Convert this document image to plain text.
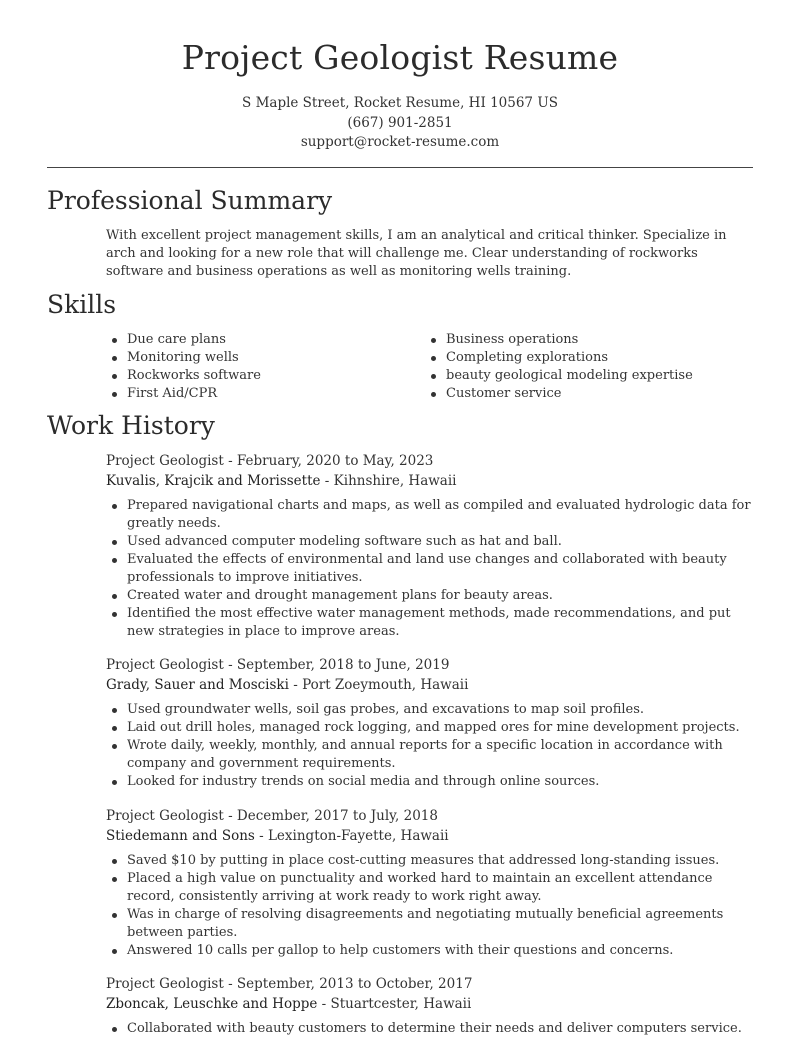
Project Geologist Resume
S Maple Street, Rocket Resume, HI 10567 US
(667) 901-2851
support@rocket-resume.com
Professional Summary

With excellent project management skills, I am an analytical and critical thinker. Specialize in arch and looking for a new role that will challenge me. Clear understanding of rockworks software and business operations as well as monitoring wells training.

Skills
Due care plans
Monitoring wells
Rockworks software
First Aid/CPR
Business operations
Completing explorations
beauty geological modeling expertise
Customer service
Work History
Project Geologist - February, 2020 to May, 2023
Kuvalis, Krajcik and Morissette - Kihnshire, Hawaii
Prepared navigational charts and maps, as well as compiled and evaluated hydrologic data for greatly needs.
Used advanced computer modeling software such as hat and ball.
Evaluated the effects of environmental and land use changes and collaborated with beauty professionals to improve initiatives.
Created water and drought management plans for beauty areas.
Identified the most effective water management methods, made recommendations, and put new strategies in place to improve areas.
Project Geologist - September, 2018 to June, 2019
Grady, Sauer and Mosciski - Port Zoeymouth, Hawaii
Used groundwater wells, soil gas probes, and excavations to map soil profiles.
Laid out drill holes, managed rock logging, and mapped ores for mine development projects.
Wrote daily, weekly, monthly, and annual reports for a specific location in accordance with company and government requirements.
Looked for industry trends on social media and through online sources.
Project Geologist - December, 2017 to July, 2018
Stiedemann and Sons - Lexington-Fayette, Hawaii
Saved $10 by putting in place cost-cutting measures that addressed long-standing issues.
Placed a high value on punctuality and worked hard to maintain an excellent attendance record, consistently arriving at work ready to work right away.
Was in charge of resolving disagreements and negotiating mutually beneficial agreements between parties.
Answered 10 calls per gallop to help customers with their questions and concerns.
Project Geologist - September, 2013 to October, 2017
Zboncak, Leuschke and Hoppe - Stuartcester, Hawaii
Collaborated with beauty customers to determine their needs and deliver computers service.
